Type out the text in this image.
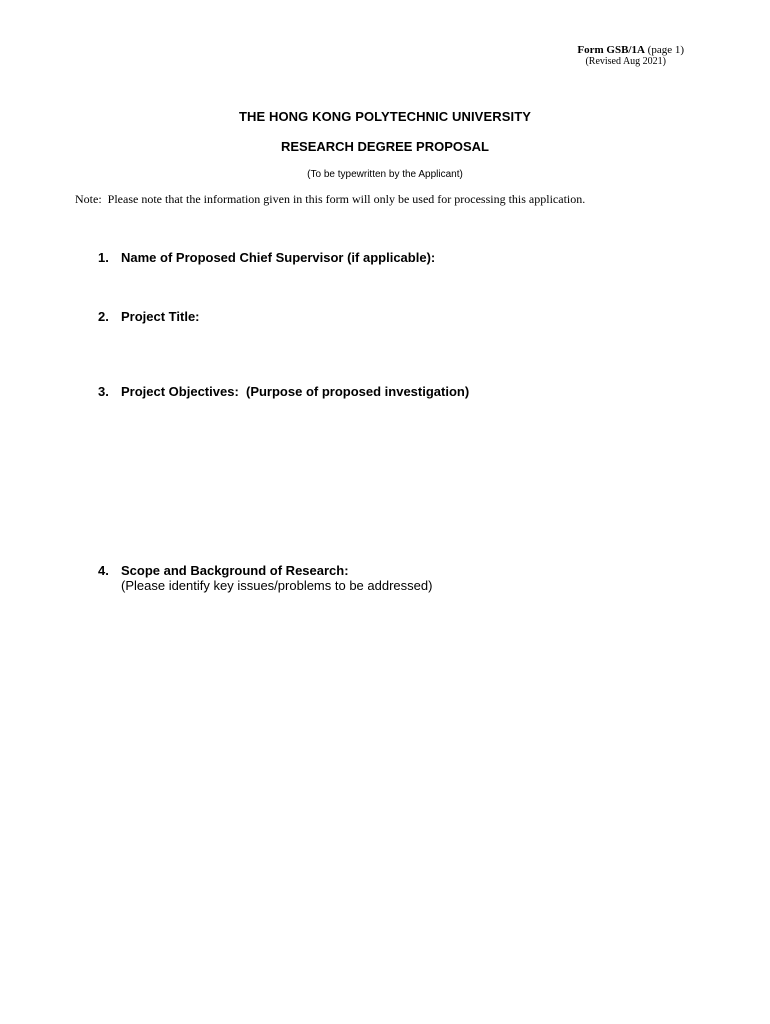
Form GSB/1A (page 1)
(Revised Aug 2021)
THE HONG KONG POLYTECHNIC UNIVERSITY
RESEARCH DEGREE PROPOSAL
(To be typewritten by the Applicant)
Note: Please note that the information given in this form will only be used for processing this application.
1. Name of Proposed Chief Supervisor (if applicable):
2. Project Title:
3. Project Objectives:  (Purpose of proposed investigation)
4. Scope and Background of Research:
(Please identify key issues/problems to be addressed)
